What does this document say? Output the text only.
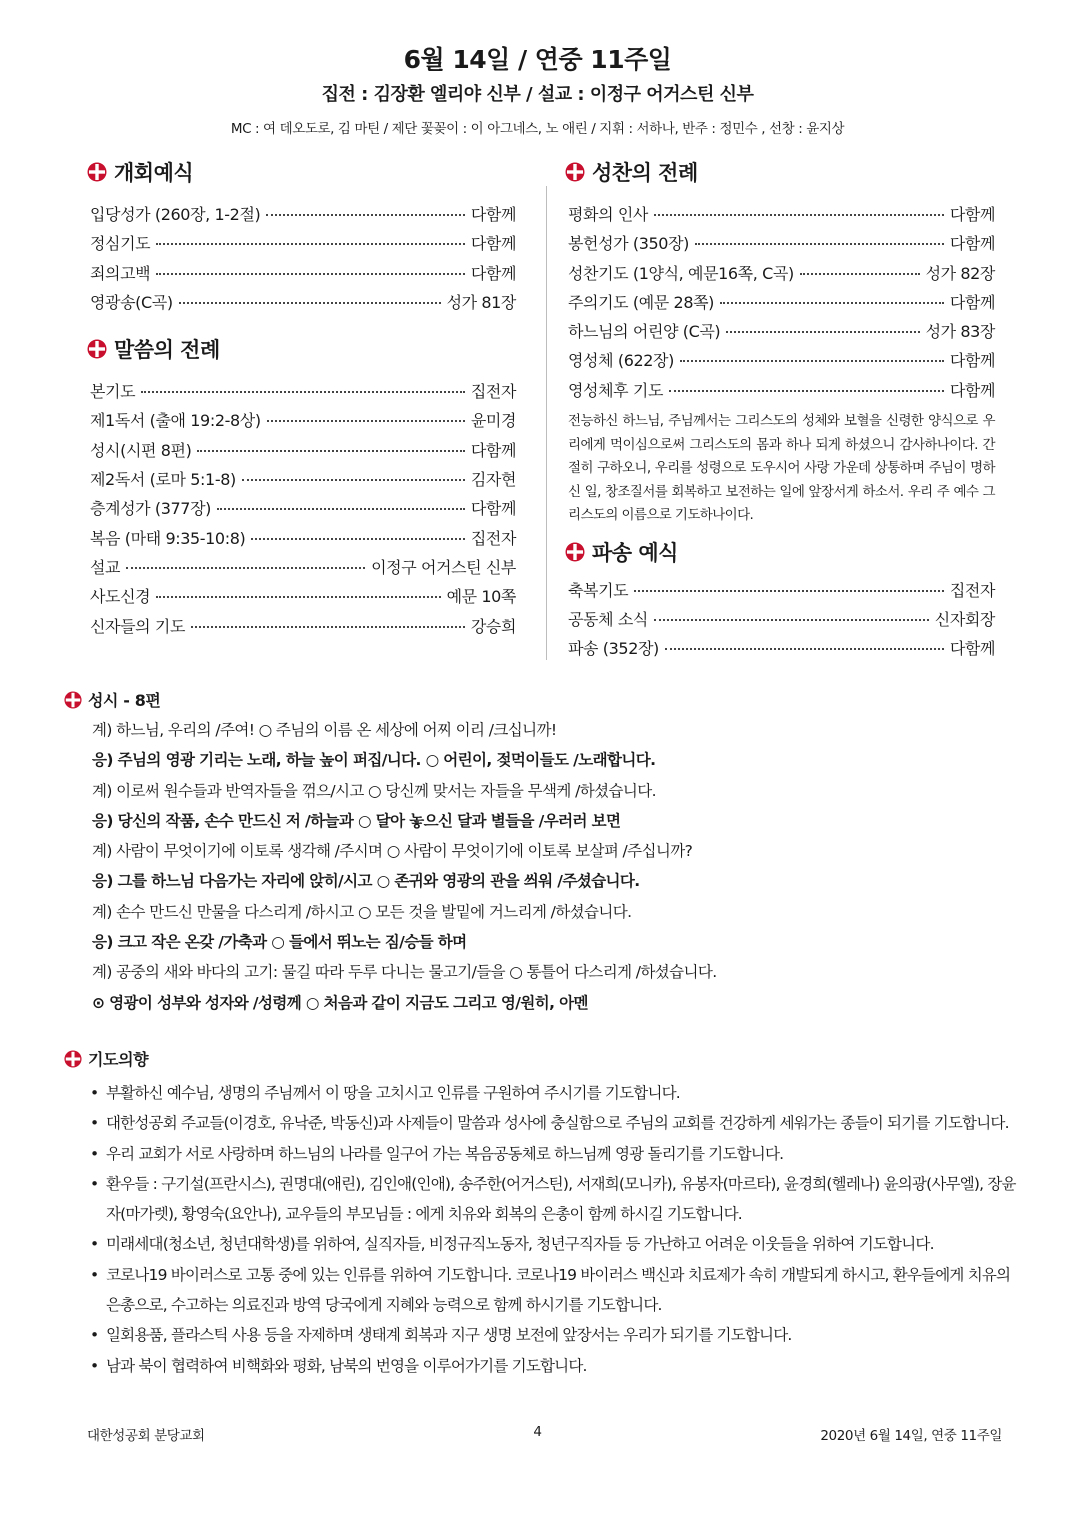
6월 14일 / 연중 11주일
집전 : 김장환 엘리야 신부 / 설교 : 이정구 어거스틴 신부
MC : 여 데오도로, 김 마틴 / 제단 꽃꽂이 : 이 아그네스, 노 애린 / 지휘 : 서하나, 반주 : 정민수 , 선창 : 윤지상
개회예식
입당성가 (260장, 1-2절)	다함께
정심기도	다함께
죄의고백	다함께
영광송(C곡)	성가 81장
말씀의 전례
본기도	집전자
제1독서 (출애 19:2-8상)	윤미경
성시(시편 8편)	다함께
제2독서 (로마 5:1-8)	김자현
층계성가 (377장)	다함께
복음 (마태 9:35-10:8)	집전자
설교	이정구 어거스틴 신부
사도신경	예문 10쪽
신자들의 기도	강승희
성찬의 전례
평화의 인사	다함께
봉헌성가 (350장)	다함께
성찬기도 (1양식, 예문16쪽, C곡)	성가 82장
주의기도 (예문 28쪽)	다함께
하느님의 어린양 (C곡)	성가 83장
영성체 (622장)	다함께
영성체후 기도	다함께
전능하신 하느님, 주님께서는 그리스도의 성체와 보혈을 신령한 양식으로 우리에게 먹이심으로써 그리스도의 몸과 하나 되게 하셨으니 감사하나이다. 간절히 구하오니, 우리를 성령으로 도우시어 사랑 가운데 상통하며 주님이 명하신 일, 창조질서를 회복하고 보전하는 일에 앞장서게 하소서. 우리 주 예수 그리스도의 이름으로 기도하나이다.
파송 예식
축복기도	집전자
공동체 소식	신자회장
파송 (352장)	다함께
성시 - 8편
계) 하느님, 우리의 /주여! ○ 주님의 이름 온 세상에 어찌 이리 /크십니까!
응) 주님의 영광 기리는 노래, 하늘 높이 퍼집/니다. ○ 어린이, 젖먹이들도 /노래합니다.
계) 이로써 원수들과 반역자들을 꺾으/시고 ○ 당신께 맞서는 자들을 무색케 /하셨습니다.
응) 당신의 작품, 손수 만드신 저 /하늘과 ○ 달아 놓으신 달과 별들을 /우러러 보면
계) 사람이 무엇이기에 이토록 생각해 /주시며 ○ 사람이 무엇이기에 이토록 보살펴 /주십니까?
응) 그를 하느님 다음가는 자리에 앉히/시고 ○ 존귀와 영광의 관을 씌워 /주셨습니다.
계) 손수 만드신 만물을 다스리게 /하시고 ○ 모든 것을 발밑에 거느리게 /하셨습니다.
응) 크고 작은 온갖 /가축과 ○ 들에서 뛰노는 짐/승들 하며
계) 공중의 새와 바다의 고기: 물길 따라 두루 다니는 물고기/들을 ○ 통틀어 다스리게 /하셨습니다.
⊙ 영광이 성부와 성자와 /성령께 ○ 처음과 같이 지금도 그리고 영/원히, 아멘
기도의향
• 부활하신 예수님, 생명의 주님께서 이 땅을 고치시고 인류를 구원하여 주시기를 기도합니다.
• 대한성공회 주교들(이경호, 유낙준, 박동신)과 사제들이 말씀과 성사에 충실함으로 주님의 교회를 건강하게 세워가는 종들이 되기를 기도합니다.
• 우리 교회가 서로 사랑하며 하느님의 나라를 일구어 가는 복음공동체로 하느님께 영광 돌리기를 기도합니다.
• 환우들 : 구기설(프란시스), 권명대(애린), 김인애(인애), 송주한(어거스틴), 서재희(모니카), 유봉자(마르타), 윤경희(헬레나) 윤의광(사무엘), 장윤자(마가렛), 황영숙(요안나), 교우들의 부모님들 : 에게 치유와 회복의 은총이 함께 하시길 기도합니다.
• 미래세대(청소년, 청년대학생)를 위하여, 실직자들, 비정규직노동자, 청년구직자들 등 가난하고 어려운 이웃들을 위하여 기도합니다.
• 코로나19 바이러스로 고통 중에 있는 인류를 위하여 기도합니다. 코로나19 바이러스 백신과 치료제가 속히 개발되게 하시고, 환우들에게 치유의 은총으로, 수고하는 의료진과 방역 당국에게 지혜와 능력으로 함께 하시기를 기도합니다.
• 일회용품, 플라스틱 사용 등을 자제하며 생태계 회복과 지구 생명 보전에 앞장서는 우리가 되기를 기도합니다.
• 남과 북이 협력하여 비핵화와 평화, 남북의 번영을 이루어가기를 기도합니다.
대한성공회 분당교회	4	2020년 6월 14일, 연중 11주일
